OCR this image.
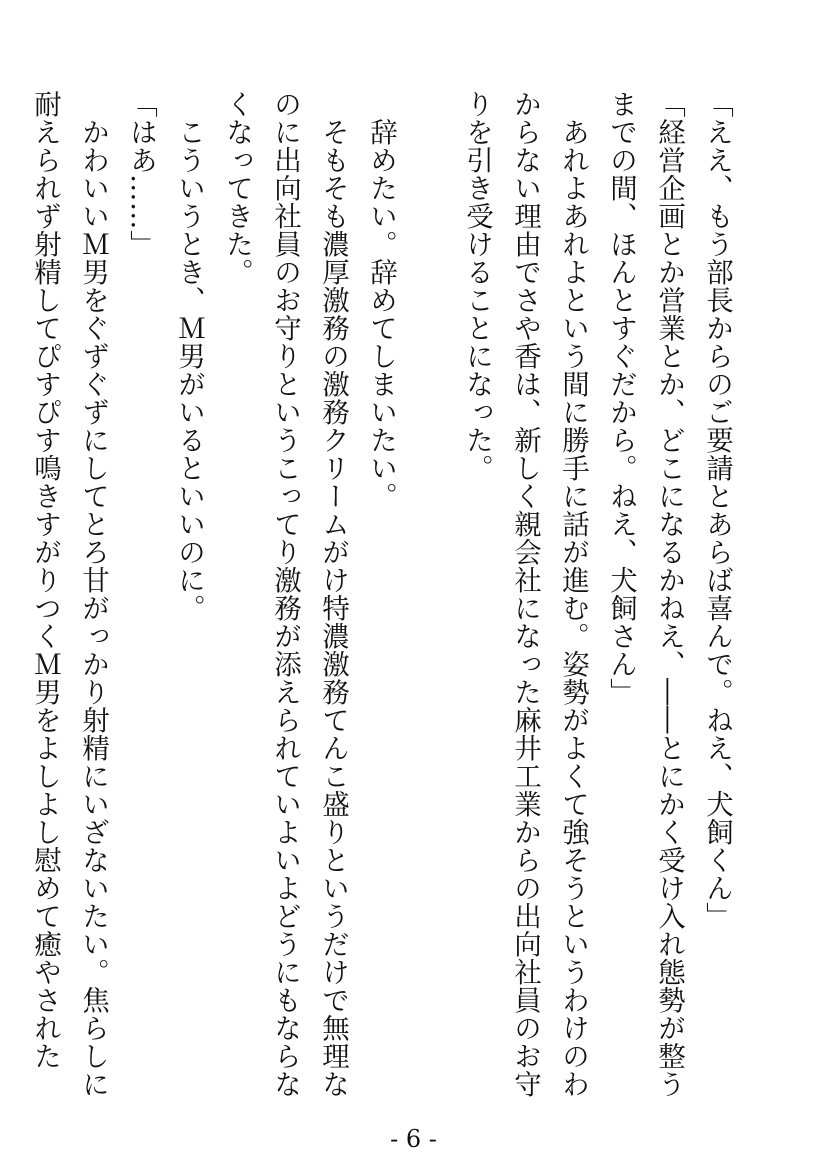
「ええ、もう部長からのご要請とあらば喜んで。ねえ、犬飼くん」
「経営企画とか営業とか、どこになるかねえ、――とにかく受け入れ態勢が整う
までの間、ほんとすぐだから。ねえ、犬飼さん」
　あれよあれよという間に勝手に話が進む。姿勢がよくて強そうというわけのわ
からない理由でさや香は、新しく親会社になった麻井工業からの出向社員のお守
りを引き受けることになった。
　辞めたい。辞めてしまいたい。
　そもそも濃厚激務の激務クリームがけ特濃激務てんこ盛りというだけで無理な
のに出向社員のお守りというこってり激務が添えられていよいよどうにもならな
くなってきた。
　こういうとき、Ｍ男がいるといいのに。
「はあ……」
　かわいいＭ男をぐずぐずにしてとろ甘がっかり射精にいざないたい。焦らしに
耐えられず射精してぴすぴす鳴きすがりつくＭ男をよしよし慰めて癒やされた
- 6 -
